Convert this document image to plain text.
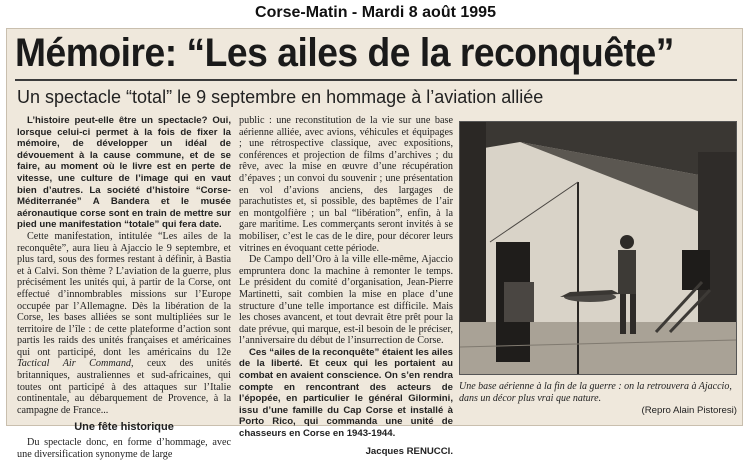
Corse-Matin - Mardi 8 août 1995
Mémoire: “Les ailes de la reconquête”
Un spectacle “total” le 9 septembre en hommage à l’aviation alliée

L’histoire peut-elle être un spectacle? Oui, lorsque celui-ci permet à la fois de fixer la mémoire, de développer un idéal de dévouement à la cause commune, et de se faire, au moment où le livre est en perte de vitesse, une culture de l’image qui en vaut bien d’autres. La société d’histoire “Corse-Méditerranée” A Bandera et le musée aéronautique corse sont en train de mettre sur pied une manifestation “totale” qui fera date.

Cette manifestation, intitulée “Les ailes de la reconquête”, aura lieu à Ajaccio le 9 septembre, et plus tard, sous des formes restant à définir, à Bastia et à Calvi. Son thème ? L’aviation de la guerre, plus précisément les unités qui, à partir de la Corse, ont effectué d’innombrables missions sur l’Europe occupée par l’Allemagne. Dès la libération de la Corse, les bases alliées se sont multipliées sur le territoire de l’île : de cette plateforme d’action sont partis les raids des unités françaises et américaines qui ont participé, dont les américains du 12e Tactical Air Command, ceux des unités britanniques, australiennes et sud-africaines, qui toutes ont participé à des attaques sur l’Italie continentale, au débarquement de Provence, à la campagne de France...

Une fête historique

Du spectacle donc, en forme d’hommage, avec une diversification synonyme de large

public : une reconstitution de la vie sur une base aérienne alliée, avec avions, véhicules et équipages ; une rétrospective classique, avec expositions, conférences et projection de films d’archives ; du rêve, avec la mise en œuvre d’une récupération d’épaves ; un convoi du souvenir ; une présentation en vol d’avions anciens, des largages de parachutistes et, si possible, des baptêmes de l’air en montgolfière ; un bal “libération”, enfin, à la gare maritime. Les commerçants seront invités à se mobiliser, c’est le cas de le dire, pour décorer leurs vitrines en évoquant cette période.

De Campo dell’Oro à la ville elle-même, Ajaccio empruntera donc la machine à remonter le temps. Le président du comité d’organisation, Jean-Pierre Martinetti, sait combien la mise en place d’une structure d’une telle importance est difficile. Mais les choses avancent, et tout devrait être prêt pour la date prévue, qui marque, est-il besoin de le préciser, l’anniversaire du début de l’insurrection de Corse.

Ces “ailes de la reconquête” étaient les ailes de la liberté. Et ceux qui les portaient au combat en avaient conscience. On s’en rendra compte en rencontrant des acteurs de l’épopée, en particulier le général Gilormini, issu d’une famille du Cap Corse et installé à Porto Rico, qui commanda une unité de chasseurs en Corse en 1943-1944.

Jacques RENUCCI.
Une base aérienne à la fin de la guerre : on la retrouvera à Ajaccio, dans un décor plus vrai que nature.
(Repro Alain Pistoresi)
